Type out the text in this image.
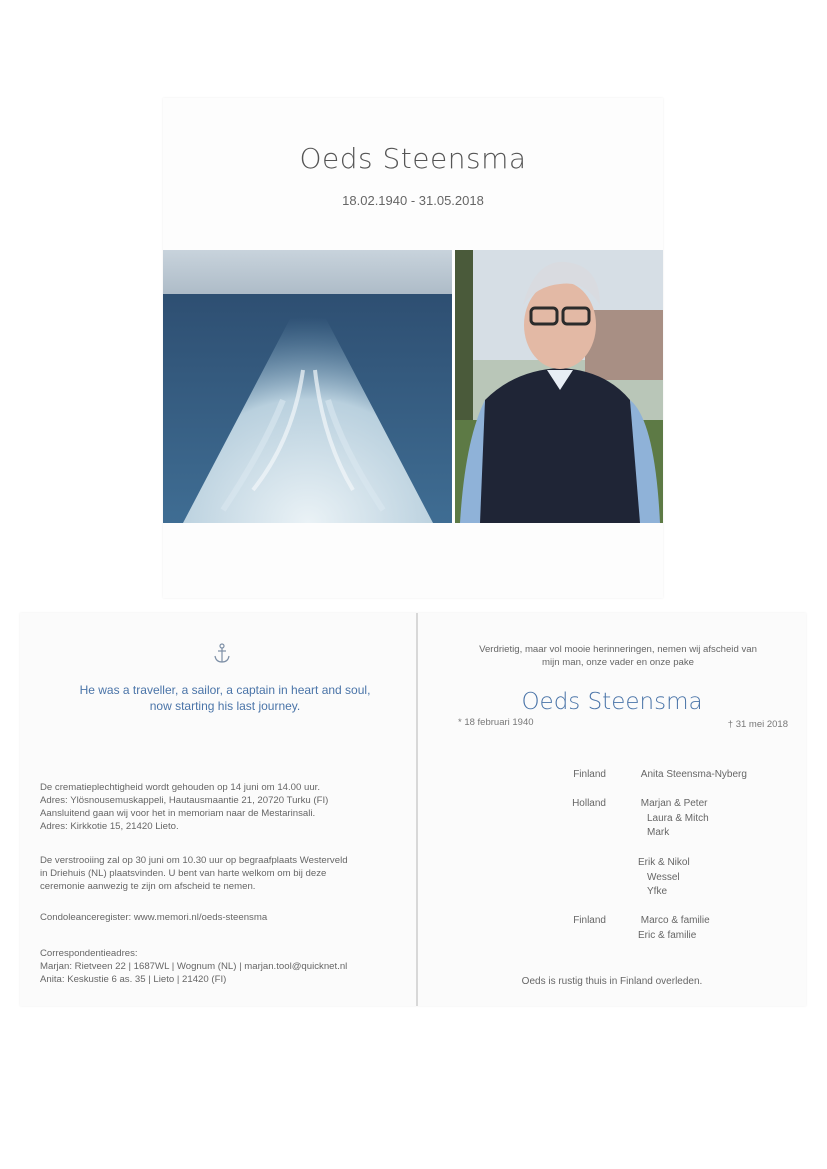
Oeds Steensma
18.02.1940 - 31.05.2018
He was a traveller, a sailor, a captain in heart and soul,
now starting his last journey.
De crematieplechtigheid wordt gehouden op 14 juni om 14.00 uur.
Adres: Ylösnousemuskappeli, Hautausmaantie 21, 20720 Turku (FI)
Aansluitend gaan wij voor het in memoriam naar de Mestarinsali.
Adres: Kirkkotie 15, 21420 Lieto.
De verstrooiing zal op 30 juni om 10.30 uur op begraafplaats Westerveld
in Driehuis (NL) plaatsvinden. U bent van harte welkom om bij deze
ceremonie aanwezig te zijn om afscheid te nemen.
Condoleanceregister: www.memori.nl/oeds-steensma
Correspondentieadres:
Marjan: Rietveen 22 | 1687WL | Wognum (NL) | marjan.tool@quicknet.nl
Anita: Keskustie 6 as. 35 | Lieto | 21420 (FI)
Verdrietig, maar vol mooie herinneringen, nemen wij afscheid van
mijn man, onze vader en onze pake
Oeds Steensma
* 18 februari 1940	† 31 mei 2018
Finland	Anita Steensma-Nyberg
Holland	Marjan & Peter
Laura & Mitch
Mark
Erik & Nikol
Wessel
Yfke
Finland	Marco & familie
Eric & familie
Oeds is rustig thuis in Finland overleden.
